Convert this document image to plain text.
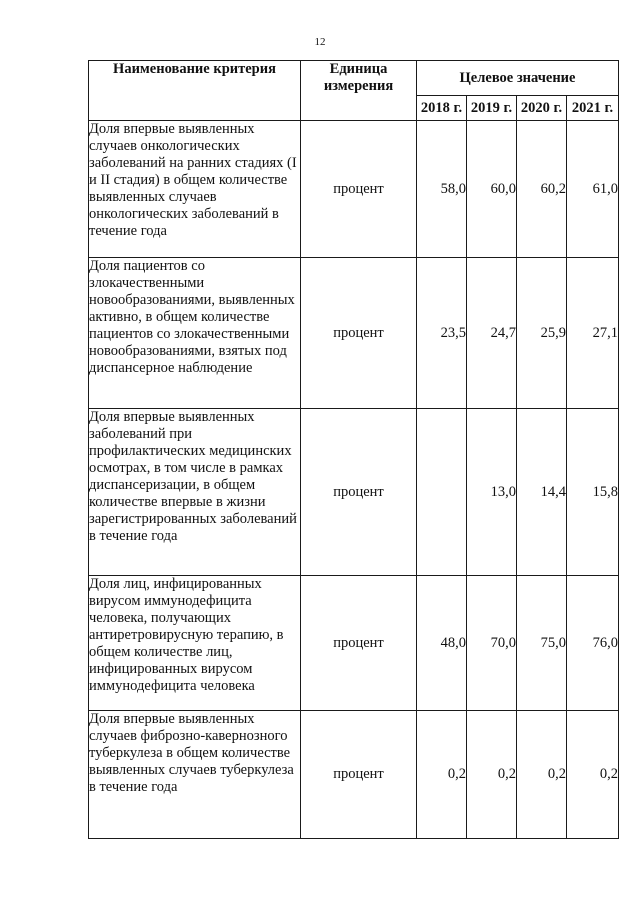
12
Наименование критерия	Единица измерения	Целевое значение			
		2018 г.	2019 г.	2020 г.	2021 г.
Доля впервые выявленных случаев онкологических заболеваний на ранних стадиях (I и II стадия) в общем количестве выявленных случаев онкологических заболеваний в течение года	процент	58,0	60,0	60,2	61,0
Доля пациентов со злокачественными новообразованиями, выявленных активно, в общем количестве пациентов со злокачественными новообразованиями, взятых под диспансерное наблюдение	процент	23,5	24,7	25,9	27,1
Доля впервые выявленных заболеваний при профилактических медицинских осмотрах, в том числе в рамках диспансеризации, в общем количестве впервые в жизни зарегистрированных заболеваний в течение года	процент		13,0	14,4	15,8
Доля лиц, инфицированных вирусом иммунодефицита человека, получающих антиретровирусную терапию, в общем количестве лиц, инфицированных вирусом иммунодефицита человека	процент	48,0	70,0	75,0	76,0
Доля впервые выявленных случаев фиброзно-кавернозного туберкулеза в общем количестве выявленных случаев туберкулеза в течение года	процент	0,2	0,2	0,2	0,2
